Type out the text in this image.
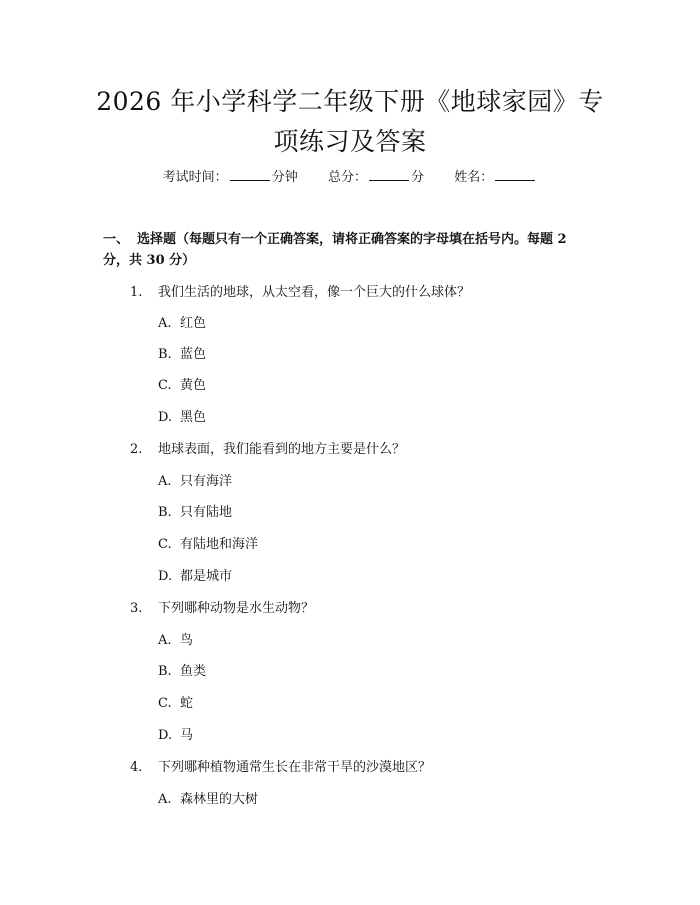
2026 年小学科学二年级下册《地球家园》专
项练习及答案
考试时间：	分钟 总分：	分 姓名：
一、 选择题（每题只有一个正确答案，请将正确答案的字母填在括号内。每题 2
分，共 30 分）
1. 我们生活的地球，从太空看，像一个巨大的什么球体？
A. 红色
B. 蓝色
C. 黄色
D. 黑色
2. 地球表面，我们能看到的地方主要是什么？
A. 只有海洋
B. 只有陆地
C. 有陆地和海洋
D. 都是城市
3. 下列哪种动物是水生动物？
A. 鸟
B. 鱼类
C. 蛇
D. 马
4. 下列哪种植物通常生长在非常干旱的沙漠地区？
A. 森林里的大树
